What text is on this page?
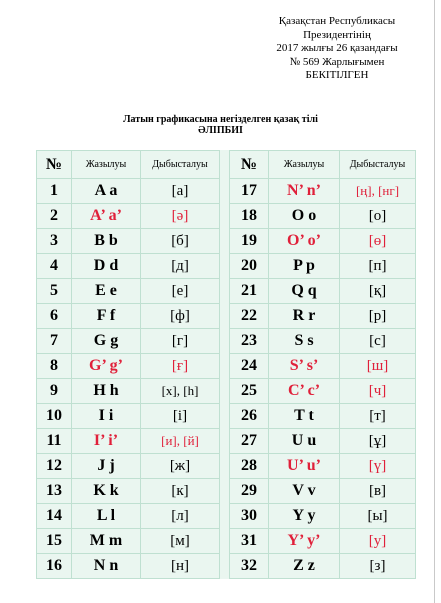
Қазақстан Республикасы
Президентінің
2017 жылғы 26 қазандағы
№ 569 Жарлығымен
БЕКІТІЛГЕН
Латын графикасына негізделген қазақ тілі
ӘЛІПБИІ
№	Жазылуы	Дыбысталуы		№	Жазылуы	Дыбысталуы
1	A a	[а]		17	N’ n’	[ң], [нг]
2	A’ a’	[ә]		18	O o	[о]
3	B b	[б]		19	O’ o’	[ө]
4	D d	[д]		20	P p	[п]
5	E e	[е]		21	Q q	[қ]
6	F f	[ф]		22	R r	[р]
7	G g	[г]		23	S s	[с]
8	G’ g’	[ғ]		24	S’ s’	[ш]
9	H h	[х], [h]		25	C’ c’	[ч]
10	I i	[і]		26	T t	[т]
11	I’ i’	[и], [й]		27	U u	[ұ]
12	J j	[ж]		28	U’ u’	[ү]
13	K k	[к]		29	V v	[в]
14	L l	[л]		30	Y y	[ы]
15	M m	[м]		31	Y’ y’	[у]
16	N n	[н]		32	Z z	[з]
